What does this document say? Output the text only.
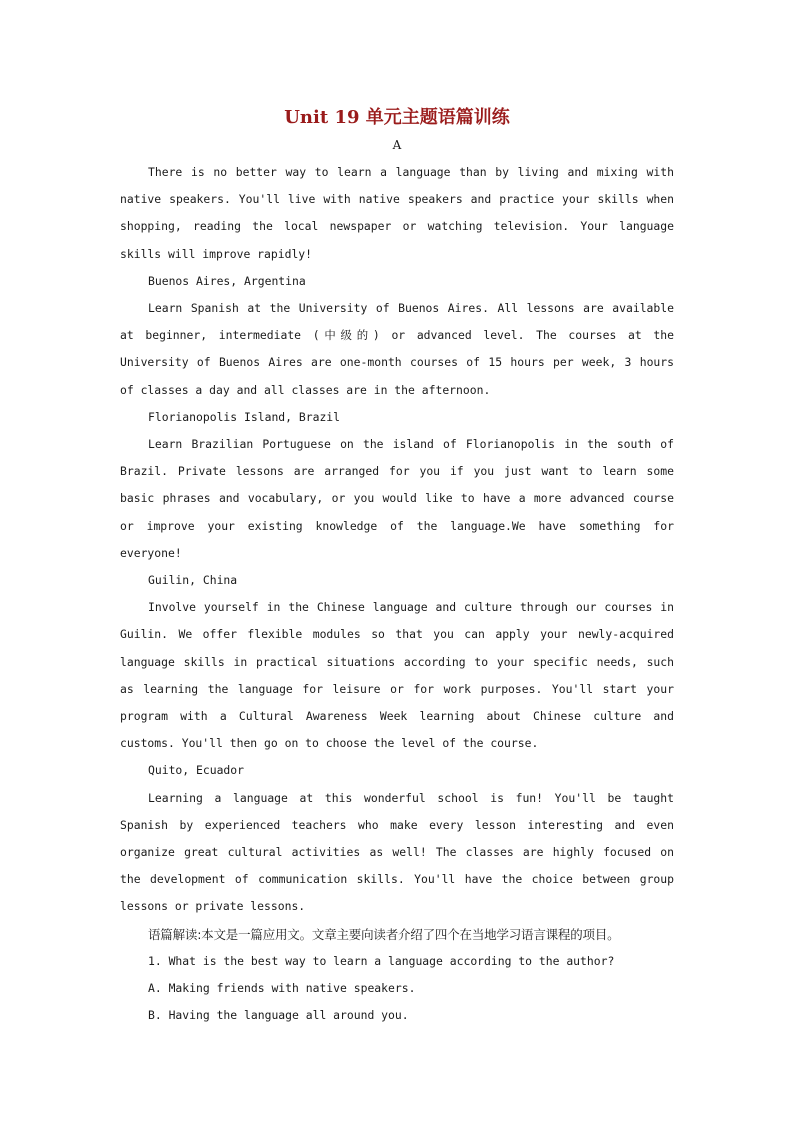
Unit 19 单元主题语篇训练
A

There is no better way to learn a language than by living and mixing with native speakers. You'll live with native speakers and practice your skills when shopping, reading the local newspaper or watching television. Your language skills will improve rapidly!

Buenos Aires, Argentina

Learn Spanish at the University of Buenos Aires. All lessons are available at beginner, intermediate (中级的) or advanced level. The courses at the University of Buenos Aires are one-month courses of 15 hours per week, 3 hours of classes a day and all classes are in the afternoon.

Florianopolis Island, Brazil

Learn Brazilian Portuguese on the island of Florianopolis in the south of Brazil. Private lessons are arranged for you if you just want to learn some basic phrases and vocabulary, or you would like to have a more advanced course or improve your existing knowledge of the language.We have something for everyone!

Guilin, China

Involve yourself in the Chinese language and culture through our courses in Guilin. We offer flexible modules so that you can apply your newly-acquired language skills in practical situations according to your specific needs, such as learning the language for leisure or for work purposes. You'll start your program with a Cultural Awareness Week learning about Chinese culture and customs. You'll then go on to choose the level of the course.

Quito, Ecuador

Learning a language at this wonderful school is fun! You'll be taught Spanish by experienced teachers who make every lesson interesting and even organize great cultural activities as well! The classes are highly focused on the development of communication skills. You'll have the choice between group lessons or private lessons.

语篇解读:本文是一篇应用文。文章主要向读者介绍了四个在当地学习语言课程的项目。

1. What is the best way to learn a language according to the author?

A. Making friends with native speakers.

B. Having the language all around you.
